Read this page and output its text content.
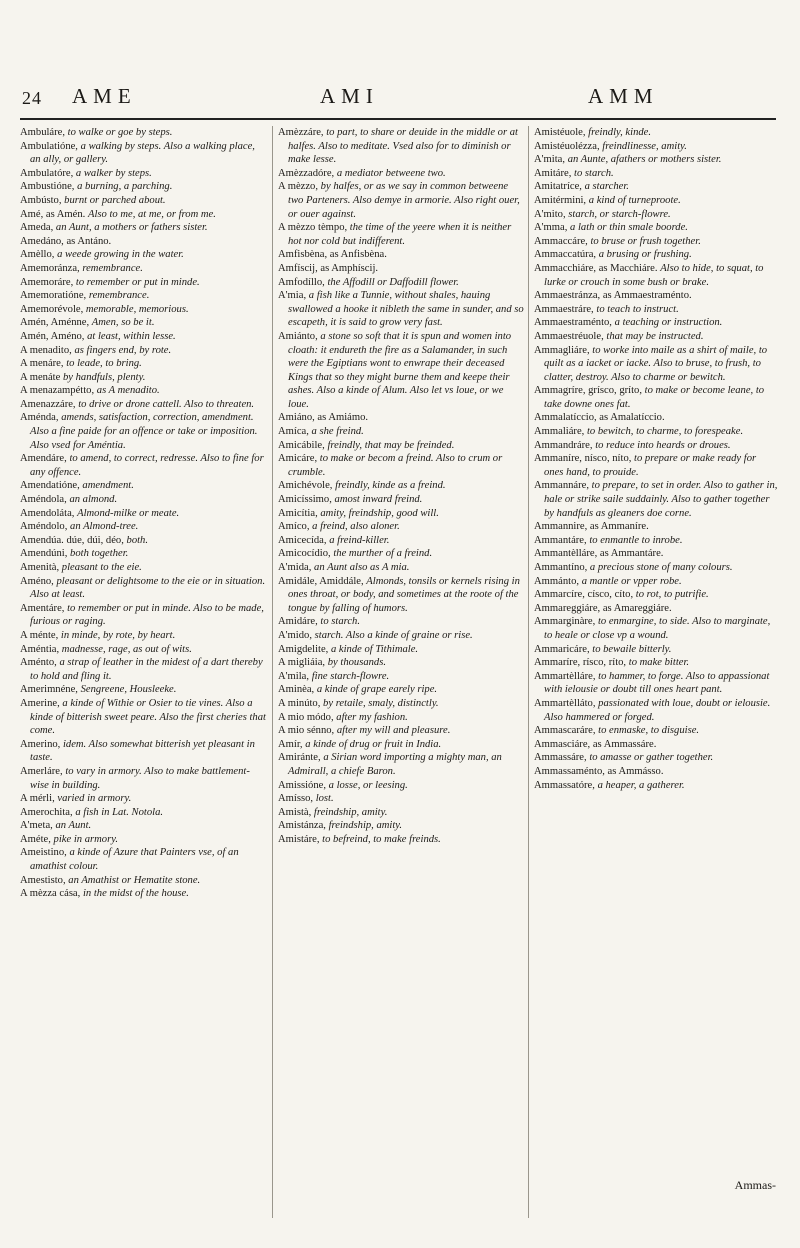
24 AME	AMI	AMM

Ambuláre, to walke or goe by steps.

Ambulatióne, a walking by steps. Also a walking place, an ally, or gallery.

Ambulatóre, a walker by steps.

Ambustióne, a burning, a parching.

Ambústo, burnt or parched about.

Amé, as Amén. Also to me, at me, or from me.

Ameda, an Aunt, a mothers or fathers sister.

Amedáno, as Antáno.

Amèllo, a weede growing in the water.

Amemoránza, remembrance.

Amemoráre, to remember or put in minde.

Amemoratióne, remembrance.

Amemorévole, memorable, memorious.

Amén, Aménne, Amen, so be it.

Amén, Améno, at least, within lesse.

A menadito, as fingers end, by rote.

A menáre, to leade, to bring.

A menáte by handfuls, plenty.

A menazampétto, as A menadito.

Amenazzáre, to drive or drone cattell. Also to threaten.

Améndа, amends, satisfaction, correction, amendment. Also a fine paide for an offence or take or imposition. Also vsed for Améntia.

Amendáre, to amend, to correct, redresse. Also to fine for any offence.

Amendatióne, amendment.

Améndola, an almond.

Amendoláta, Almond-milke or meate.

Améndolo, an Almond-tree.

Amendúa. dúe, dúi, déo, both.

Amendúni, both together.

Amenità, pleasant to the eie.

Améno, pleasant or delightsome to the eie or in situation. Also at least.

Amentáre, to remember or put in minde. Also to be made, furious or raging.

A ménte, in minde, by rote, by heart.

Améntia, madnesse, rage, as out of wits.

Aménto, a strap of leather in the midest of a dart thereby to hold and fling it.

Amerimnéne, Sengreene, Housleeke.

Amerine, a kinde of Withie or Osier to tie vines. Also a kinde of bitterish sweet peare. Also the first cheries that come.

Amerino, idem. Also somewhat bitterish yet pleasant in taste.

Amerláre, to vary in armory. Also to make battlement-wise in building.

A mérli, varied in armory.

Amerochita, a fish in Lat. Notola.

A'meta, an Aunt.

Améte, pike in armory.

Ameistino, a kinde of Azure that Painters vse, of an amathist colour.

Amestisto, an Amathist or Hematite stone.

A mèzza cása, in the midst of the house.

Amèzzáre, to part, to share or deuide in the middle or at halfes. Also to meditate. Vsed also for to diminish or make lesse.

Amèzzadóre, a mediator betweene two.

A mèzzo, by halfes, or as we say in common betweene two Parteners. Also demye in armorie. Also right ouer, or ouer against.

A mèzzo tèmpo, the time of the yeere when it is neither hot nor cold but indifferent.

Amfisbèna, as Anfisbèna.

Amfíscij, as Amphíscij.

Amfodíllo, the Affodill or Daffodill flower.

A'mia, a fish like a Tunnie, without shales, hauing swallowed a hooke it nibleth the same in sunder, and so escapeth, it is said to grow very fast.

Amiánto, a stone so soft that it is spun and women into cloath: it endureth the fire as a Salamander, in such were the Egiptians wont to enwrape their deceased Kings that so they might burne them and keepe their ashes. Also a kinde of Alum. Also let vs loue, or we loue.

Amiáno, as Amiámo.

Amíca, a she freind.

Amicábile, freindly, that may be freinded.

Amicáre, to make or becom a freind. Also to crum or crumble.

Amichévole, freindly, kinde as a freind.

Amicíssimo, amost inward freind.

Amicítia, amity, freindship, good will.

Amíco, a freind, also aloner.

Amicecída, a freind-killer.

Amicocídio, the murther of a freind.

A'mida, an Aunt also as A mia.

Amidále, Amiddále, Almonds, tonsils or kernels rising in ones throat, or body, and sometimes at the roote of the tongue by falling of humors.

Amidáre, to starch.

A'mido, starch. Also a kinde of graine or rise.

Amigdelite, a kinde of Tithimale.

A migliáia, by thousands.

A'mila, fine starch-flowre.

Aminèa, a kinde of grape earely ripe.

A minúto, by retaile, smaly, distinctly.

A mio módo, after my fashion.

A mio sénno, after my will and pleasure.

Amír, a kinde of drug or fruit in India.

Amiránte, a Sirian word importing a mighty man, an Admirall, a chiefe Baron.

Amissióne, a losse, or leesing.

Amísso, lost.

Amistà, freindship, amity.

Amistánza, freindship, amity.

Amistáre, to befreind, to make freinds.

Amistéuole, freindly, kinde.

Amistéuolézza, freindlinesse, amity.

A'mita, an Aunte, afathers or mothers sister.

Amitáre, to starch.

Amitatríce, a starcher.

Amitérmini, a kind of turneproote.

A'mito, starch, or starch-flowre.

A'mma, a lath or thin smale boorde.

Ammaccáre, to bruse or frush together.

Ammaccatúra, a brusing or frushing.

Ammacchiáre, as Macchiáre. Also to hide, to squat, to lurke or crouch in some bush or brake.

Ammaestránza, as Ammaestraménto.

Ammaestráre, to teach to instruct.

Ammaestraménto, a teaching or instruction.

Ammaestréuole, that may be instructed.

Ammagliáre, to worke into maile as a shirt of maile, to quilt as a iacket or iacke. Also to bruse, to frush, to clatter, destroy. Also to charme or bewitch.

Ammagríre, grísco, gríto, to make or become leane, to take downe ones fat.

Ammalatíccio, as Amalatíccio.

Ammaliáre, to bewitch, to charme, to forespeake.

Ammandráre, to reduce into heards or droues.

Ammaníre, nísco, níto, to prepare or make ready for ones hand, to prouide.

Ammannáre, to prepare, to set in order. Also to gather in, hale or strike saile suddainly. Also to gather together by handfuls as gleaners doe corne.

Ammannire, as Ammaníre.

Ammantáre, to enmantle to inrobe.

Ammantèlláre, as Ammantáre.

Ammantíno, a precious stone of many colours.

Ammánto, a mantle or vpper robe.

Ammarcíre, císco, cíto, to rot, to putrifie.

Ammareggiáre, as Amareggiáre.

Ammarginàre, to enmargine, to side. Also to marginate, to heale or close vp a wound.

Ammaricáre, to bewaile bitterly.

Ammaríre, rísco, ríto, to make bitter.

Ammartèlláre, to hammer, to forge. Also to appassionat with ielousie or doubt till ones heart pant.

Ammartèlláto, passionated with loue, doubt or ielousie. Also hammered or forged.

Ammascaráre, to enmaske, to disguise.

Ammasciáre, as Ammassáre.

Ammassáre, to amasse or gather together.

Ammassaménto, as Ammásso.

Ammassatóre, a heaper, a gatherer.

Ammas-
